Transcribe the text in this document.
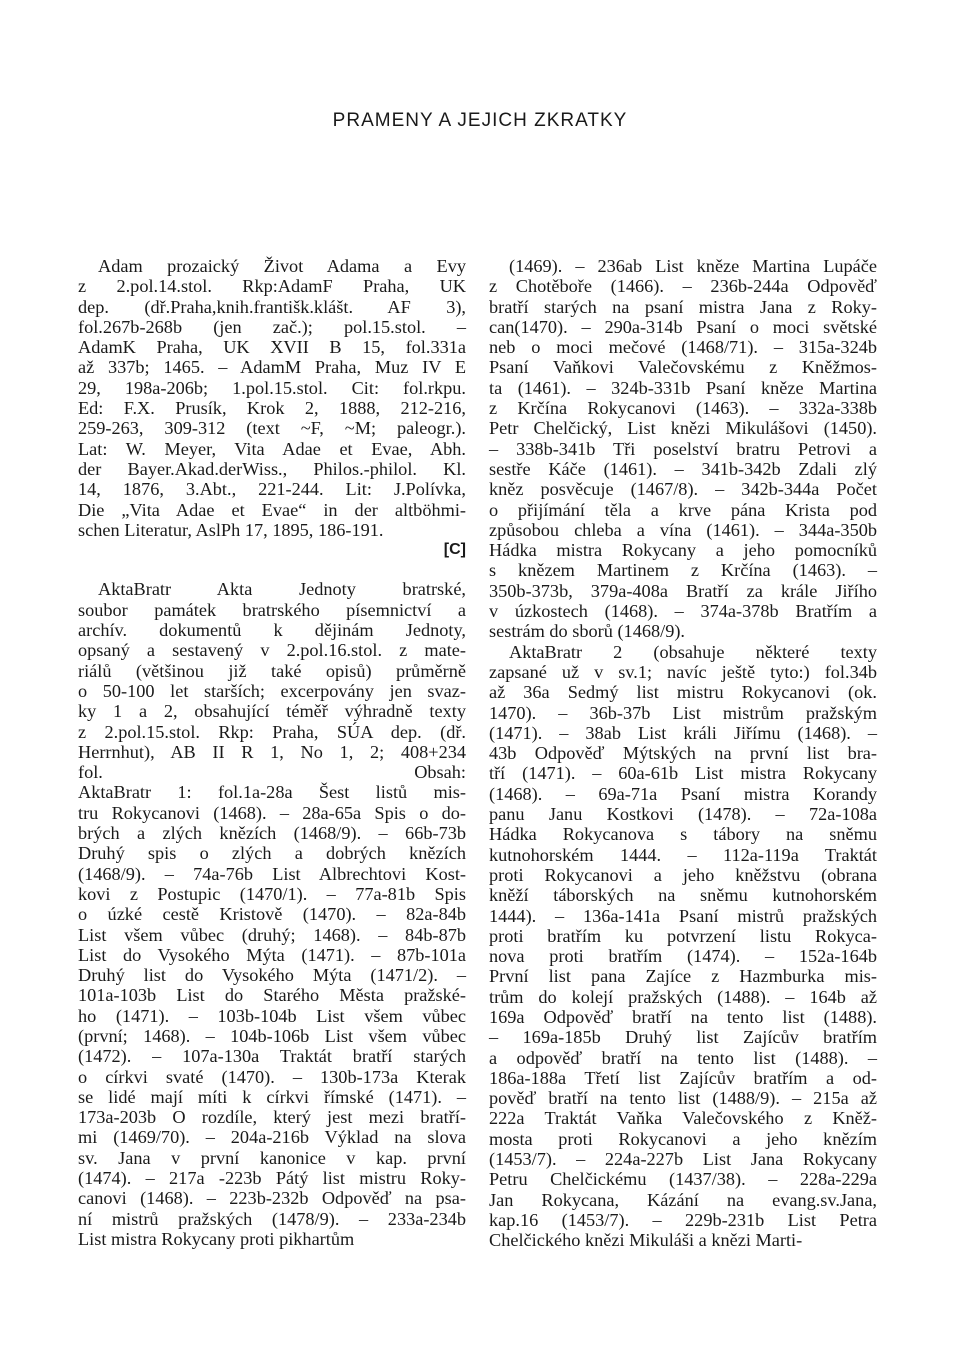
PRAMENY A JEJICH ZKRATKY
Adam prozaický Život Adama a Evy
z 2.pol.14.stol. Rkp:AdamF Praha, UK
dep. (dř.Praha,knih.františk.klášt. AF 3),
fol.267b-268b (jen zač.); pol.15.stol. –
AdamK Praha, UK XVII B 15, fol.331a
až 337b; 1465. – AdamM Praha, Muz IV E
29, 198a-206b; 1.pol.15.stol. Cit: fol.rkpu.
Ed: F.X. Prusík, Krok 2, 1888, 212-216,
259-263, 309-312 (text ~F, ~M; paleogr.).
Lat: W. Meyer, Vita Adae et Evae, Abh.
der Bayer.Akad.derWiss., Philos.-philol. Kl.
14, 1876, 3.Abt., 221-244. Lit: J.Polívka,
Die „Vita Adae et Evae“ in der altböhmi-
schen Literatur, AslPh 17, 1895, 186-191.
[C]
AktaBratr Akta Jednoty bratrské,
soubor památek bratrského písemnictví a
archív. dokumentů k dějinám Jednoty,
opsaný a sestavený v 2.pol.16.stol. z mate-
riálů (většinou již také opisů) průměrně
o 50-100 let starších; excerpovány jen svaz-
ky 1 a 2, obsahující téměř výhradně texty
z 2.pol.15.stol. Rkp: Praha, SÚA dep. (dř.
Herrnhut), AB II R 1, No 1, 2; 408+234
fol. Obsah:
AktaBratr 1: fol.1a-28a Šest listů mis-
tru Rokycanovi (1468). – 28a-65a Spis o do-
brých a zlých knězích (1468/9). – 66b-73b
Druhý spis o zlých a dobrých knězích
(1468/9). – 74a-76b List Albrechtovi Kost-
kovi z Postupic (1470/1). – 77a-81b Spis
o úzké cestě Kristově (1470). – 82a-84b
List všem vůbec (druhý; 1468). – 84b-87b
List do Vysokého Mýta (1471). – 87b-101a
Druhý list do Vysokého Mýta (1471/2). –
101a-103b List do Starého Města pražské-
ho (1471). – 103b-104b List všem vůbec
(první; 1468). – 104b-106b List všem vůbec
(1472). – 107a-130a Traktát bratří starých
o církvi svaté (1470). – 130b-173a Kterak
se lidé mají míti k církvi římské (1471). –
173a-203b O rozdíle, který jest mezi bratří-
mi (1469/70). – 204a-216b Výklad na slova
sv. Jana v první kanonice v kap. první
(1474). – 217a -223b Pátý list mistru Roky-
canovi (1468). – 223b-232b Odpověď na psa-
ní mistrů pražských (1478/9). – 233a-234b
List mistra Rokycany proti pikhartům
(1469). – 236ab List kněze Martina Lupáče
z Chotěboře (1466). – 236b-244a Odpověď
bratří starých na psaní mistra Jana z Roky-
can(1470). – 290a-314b Psaní o moci světské
neb o moci mečové (1468/71). – 315a-324b
Psaní Vaňkovi Valečovskému z Kněžmos-
ta (1461). – 324b-331b Psaní kněze Martina
z Krčína Rokycanovi (1463). – 332a-338b
Petr Chelčický, List knězi Mikulášovi (1450).
– 338b-341b Tři poselství bratru Petrovi a
sestře Káče (1461). – 341b-342b Zdali zlý
kněz posvěcuje (1467/8). – 342b-344a Počet
o přijímání těla a krve pána Krista pod
způsobou chleba a vína (1461). – 344a-350b
Hádka mistra Rokycany a jeho pomocníků
s knězem Martinem z Krčína (1463). –
350b-373b, 379a-408a Bratří za krále Jiřího
v úzkostech (1468). – 374a-378b Bratřím a
sestrám do sborů (1468/9).
AktaBratr 2 (obsahuje některé texty
zapsané už v sv.1; navíc ještě tyto:) fol.34b
až 36a Sedmý list mistru Rokycanovi (ok.
1470). – 36b-37b List mistrům pražským
(1471). – 38ab List králi Jiřímu (1468). –
43b Odpověď Mýtských na první list bra-
tří (1471). – 60a-61b List mistra Rokycany
(1468). – 69a-71a Psaní mistra Korandy
panu Janu Kostkovi (1478). – 72a-108a
Hádka Rokycanova s tábory na sněmu
kutnohorském 1444. – 112a-119a Traktát
proti Rokycanovi a jeho kněžstvu (obrana
kněží táborských na sněmu kutnohorském
1444). – 136a-141a Psaní mistrů pražských
proti bratřím ku potvrzení listu Rokyca-
nova proti bratřím (1474). – 152a-164b
První list pana Zajíce z Hazmburka mis-
trům do kolejí pražských (1488). – 164b až
169a Odpověď bratří na tento list (1488).
– 169a-185b Druhý list Zajícův bratřím
a odpověď bratří na tento list (1488). –
186a-188a Třetí list Zajícův bratřím a od-
pověď bratří na tento list (1488/9). – 215a až
222a Traktát Vaňka Valečovského z Kněž-
mosta proti Rokycanovi a jeho knězím
(1453/7). – 224a-227b List Jana Rokycany
Petru Chelčickému (1437/38). – 228a-229a
Jan Rokycana, Kázání na evang.sv.Jana,
kap.16 (1453/7). – 229b-231b List Petra
Chelčického knězi Mikuláši a knězi Marti-
